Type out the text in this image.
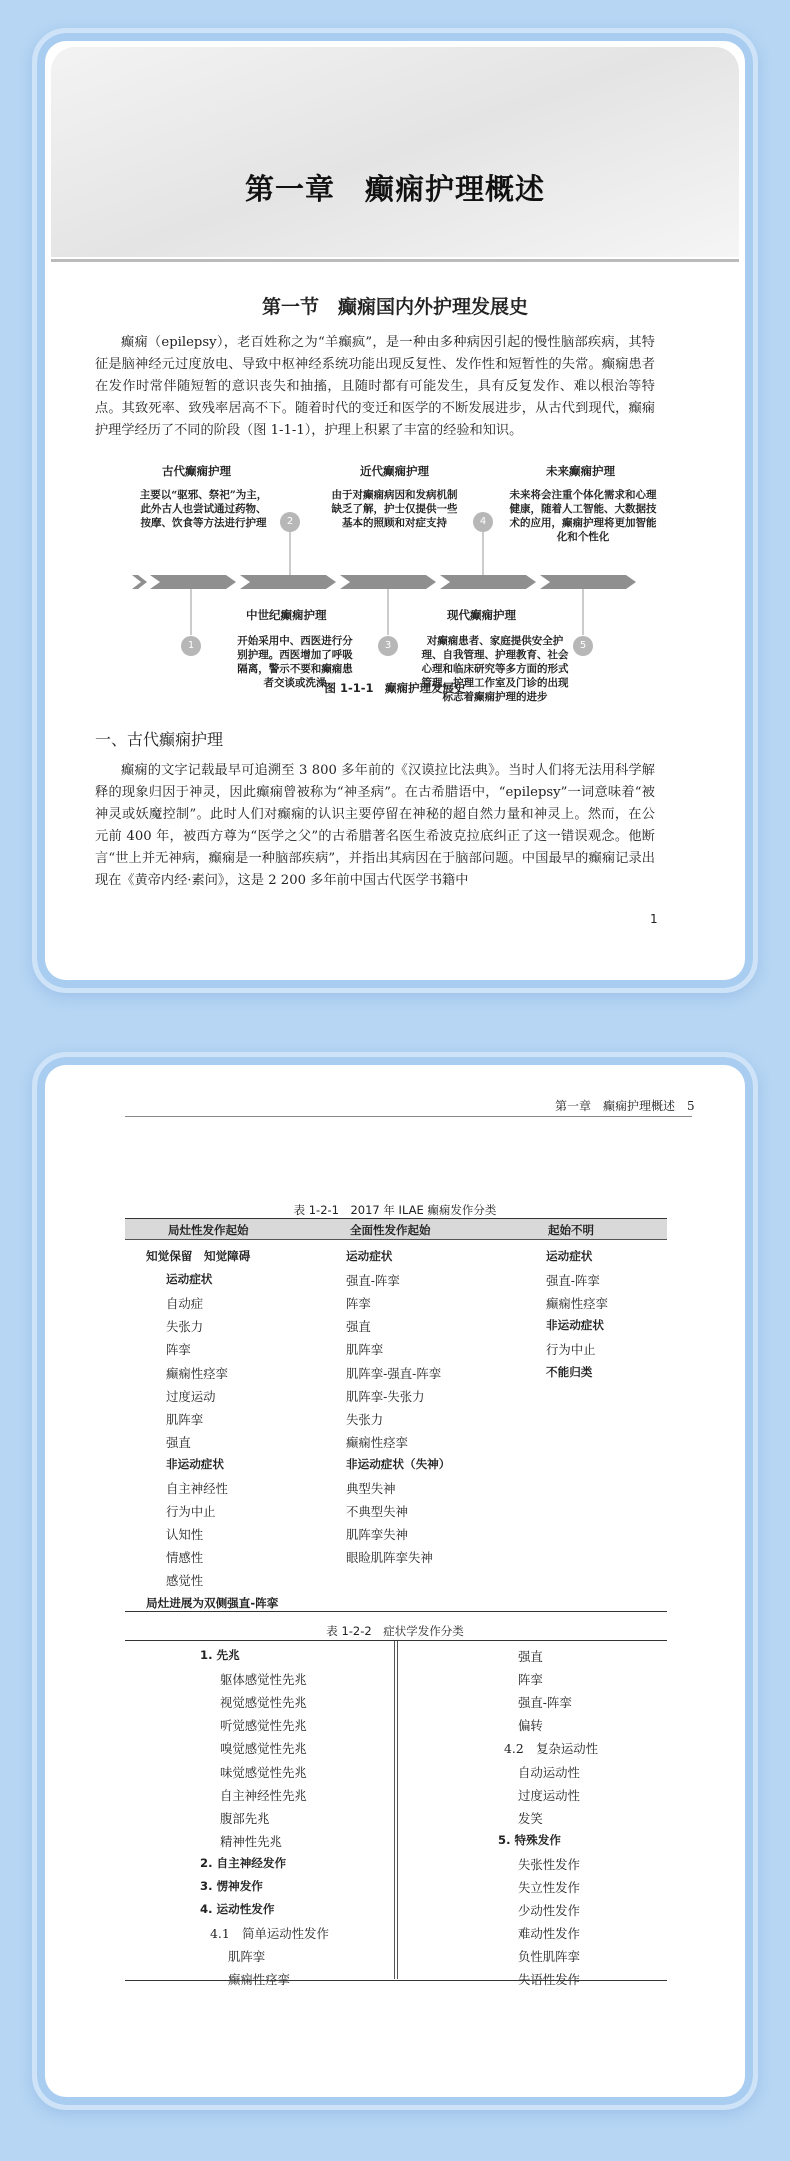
第一章　癫痫护理概述
第一节　癫痫国内外护理发展史

癫痫（epilepsy），老百姓称之为“羊癫疯”，是一种由多种病因引起的慢性脑部疾病，其特征是脑神经元过度放电、导致中枢神经系统功能出现反复性、发作性和短暂性的失常。癫痫患者在发作时常伴随短暂的意识丧失和抽搐，且随时都有可能发生，具有反复发作、难以根治等特点。其致死率、致残率居高不下。随着时代的变迁和医学的不断发展进步，从古代到现代，癫痫护理学经历了不同的阶段（图 1-1-1），护理上积累了丰富的经验和知识。

1
2
3
4
5
古代癫痫护理
主要以“驱邪、祭祀”为主，此外古人也尝试通过药物、按摩、饮食等方法进行护理
中世纪癫痫护理
开始采用中、西医进行分别护理。西医增加了呼吸隔离，警示不要和癫痫患者交谈或洗澡
近代癫痫护理
由于对癫痫病因和发病机制缺乏了解，护士仅提供一些基本的照顾和对症支持
现代癫痫护理
对癫痫患者、家庭提供安全护理、自我管理、护理教育、社会心理和临床研究等多方面的形式管理。护理工作室及门诊的出现标志着癫痫护理的进步
未来癫痫护理
未来将会注重个体化需求和心理健康，随着人工智能、大数据技术的应用，癫痫护理将更加智能化和个性化
图 1-1-1　癫痫护理发展史
一、古代癫痫护理

癫痫的文字记载最早可追溯至 3 800 多年前的《汉谟拉比法典》。当时人们将无法用科学解释的现象归因于神灵，因此癫痫曾被称为“神圣病”。在古希腊语中，“epilepsy”一词意味着“被神灵或妖魔控制”。此时人们对癫痫的认识主要停留在神秘的超自然力量和神灵上。然而，在公元前 400 年，被西方尊为“医学之父”的古希腊著名医生希波克拉底纠正了这一错误观念。他断言“世上并无神病，癫痫是一种脑部疾病”，并指出其病因在于脑部问题。中国最早的癫痫记录出现在《黄帝内经·素问》，这是 2 200 多年前中国古代医学书籍中

1
第一章　癫痫护理概述　5
表 1-2-1　2017 年 ILAE 癫痫发作分类
局灶性发作起始	全面性发作起始	起始不明
知觉保留　知觉障碍
运动症状
自动症
失张力
阵挛
癫痫性痉挛
过度运动
肌阵挛
强直
非运动症状
自主神经性
行为中止
认知性
情感性
感觉性
局灶进展为双侧强直-阵挛
运动症状
强直-阵挛
阵挛
强直
肌阵挛
肌阵挛-强直-阵挛
肌阵挛-失张力
失张力
癫痫性痉挛
非运动症状（失神）
典型失神
不典型失神
肌阵挛失神
眼睑肌阵挛失神
运动症状
强直-阵挛
癫痫性痉挛
非运动症状
行为中止
不能归类
表 1-2-2　症状学发作分类
1. 先兆
躯体感觉性先兆
视觉感觉性先兆
听觉感觉性先兆
嗅觉感觉性先兆
味觉感觉性先兆
自主神经性先兆
腹部先兆
精神性先兆
2. 自主神经发作
3. 愣神发作
4. 运动性发作
4.1　简单运动性发作
肌阵挛
癫痫性痉挛
强直
阵挛
强直-阵挛
偏转
4.2　复杂运动性
自动运动性
过度运动性
发笑
5. 特殊发作
失张性发作
失立性发作
少动性发作
难动性发作
负性肌阵挛
失语性发作
